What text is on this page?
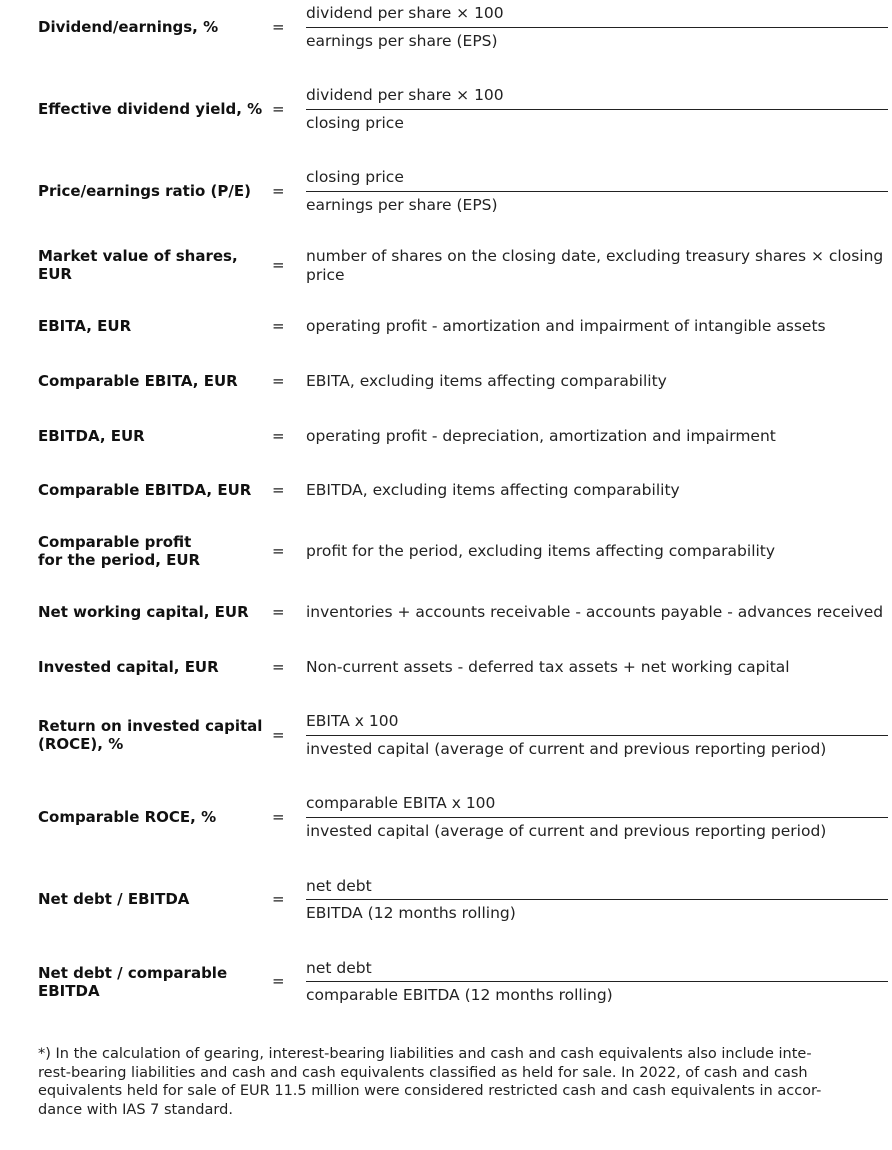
Dividend/earnings, %	=
dividend per share × 100
earnings per share (EPS)
Effective dividend yield, % =
dividend per share × 100
closing price
Price/earnings ratio (P/E)	=
closing price
earnings per share (EPS)
Market value of shares, EUR	= number of shares on the closing date, excluding treasury shares × closing price
EBITA, EUR	= operating profit - amortization and impairment of intangible assets
Comparable EBITA, EUR	= EBITA, excluding items affecting comparability
EBITDA, EUR	= operating profit - depreciation, amortization and impairment
Comparable EBITDA, EUR	= EBITDA, excluding items affecting comparability
Comparable profit for the period, EUR	= profit for the period, excluding items affecting comparability
Net working capital, EUR	= inventories + accounts receivable - accounts payable - advances received
Invested capital, EUR	= Non-current assets - deferred tax assets + net working capital
Return on invested capital (ROCE), %	=
EBITA x 100
invested capital (average of current and previous reporting period)
Comparable ROCE, %	=
comparable EBITA x 100
invested capital (average of current and previous reporting period)
Net debt / EBITDA	=
net debt
EBITDA (12 months rolling)
Net debt / comparable EBITDA
=
net debt
comparable EBITDA (12 months rolling)
*) In the calculation of gearing, interest-bearing liabilities and cash and cash equivalents also include inte-
rest-bearing liabilities and cash and cash equivalents classified as held for sale. In 2022, of cash and cash
equivalents held for sale of EUR 11.5 million were considered restricted cash and cash equivalents in accor-
dance with IAS 7 standard.
